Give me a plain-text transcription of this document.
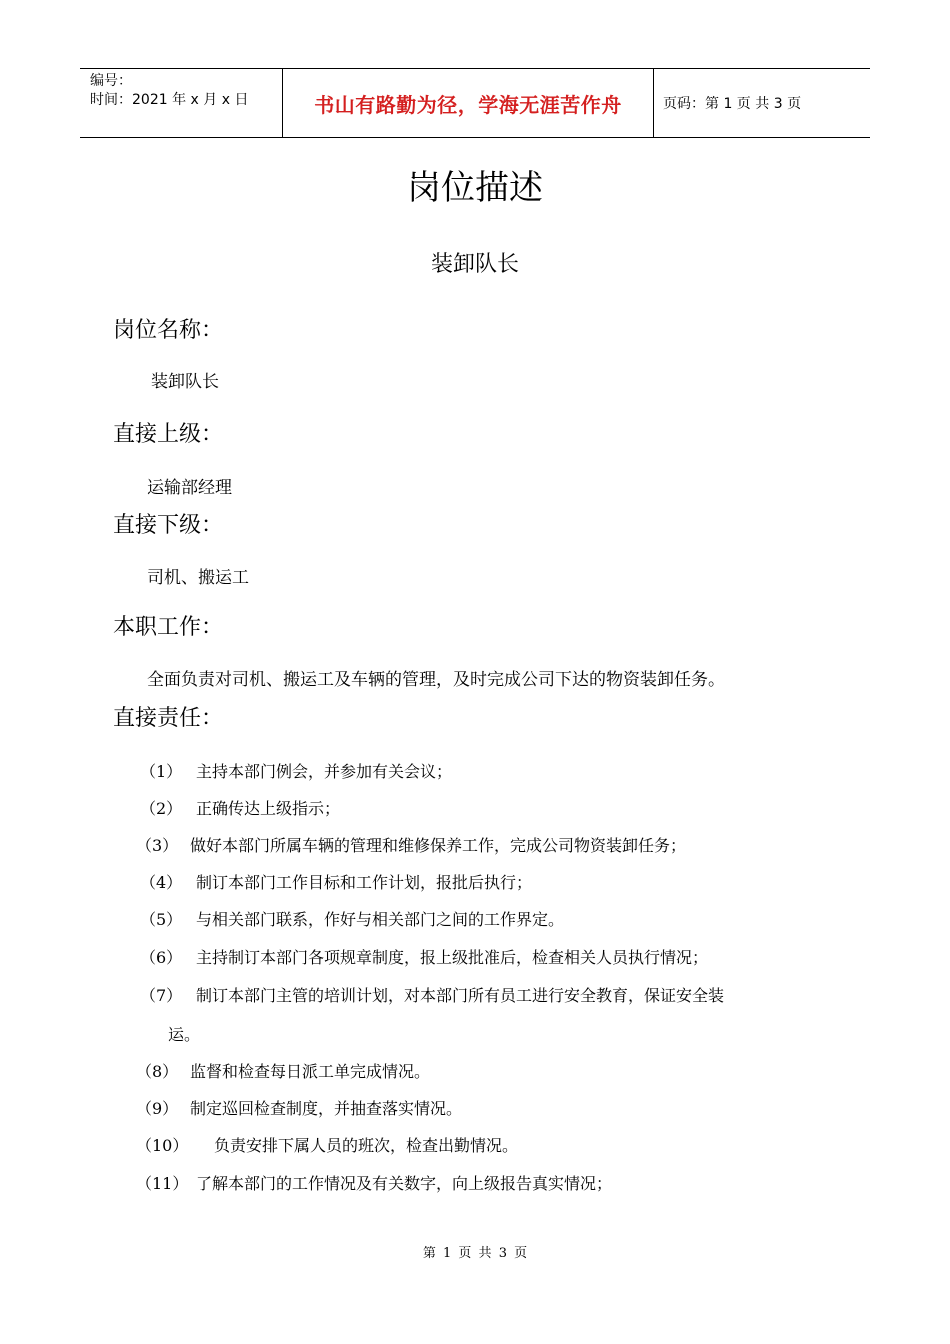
编号：
时间：2021 年 x 月 x 日	书山有路勤为径，学海无涯苦作舟	页码：第 1 页 共 3 页
岗位描述
装卸队长
岗位名称：
装卸队长
直接上级：
运输部经理
直接下级：
司机、搬运工
本职工作：
全面负责对司机、搬运工及车辆的管理，及时完成公司下达的物资装卸任务。
直接责任：
（1） 主持本部门例会，并参加有关会议；
（2） 正确传达上级指示；
（3） 做好本部门所属车辆的管理和维修保养工作，完成公司物资装卸任务；
（4） 制订本部门工作目标和工作计划，报批后执行；
（5） 与相关部门联系，作好与相关部门之间的工作界定。
（6） 主持制订本部门各项规章制度，报上级批准后，检查相关人员执行情况；
（7） 制订本部门主管的培训计划，对本部门所有员工进行安全教育，保证安全装
运。
（8） 监督和检查每日派工单完成情况。
（9） 制定巡回检查制度，并抽查落实情况。
（10） 负责安排下属人员的班次，检查出勤情况。
（11） 了解本部门的工作情况及有关数字，向上级报告真实情况；
第 1 页 共 3 页
